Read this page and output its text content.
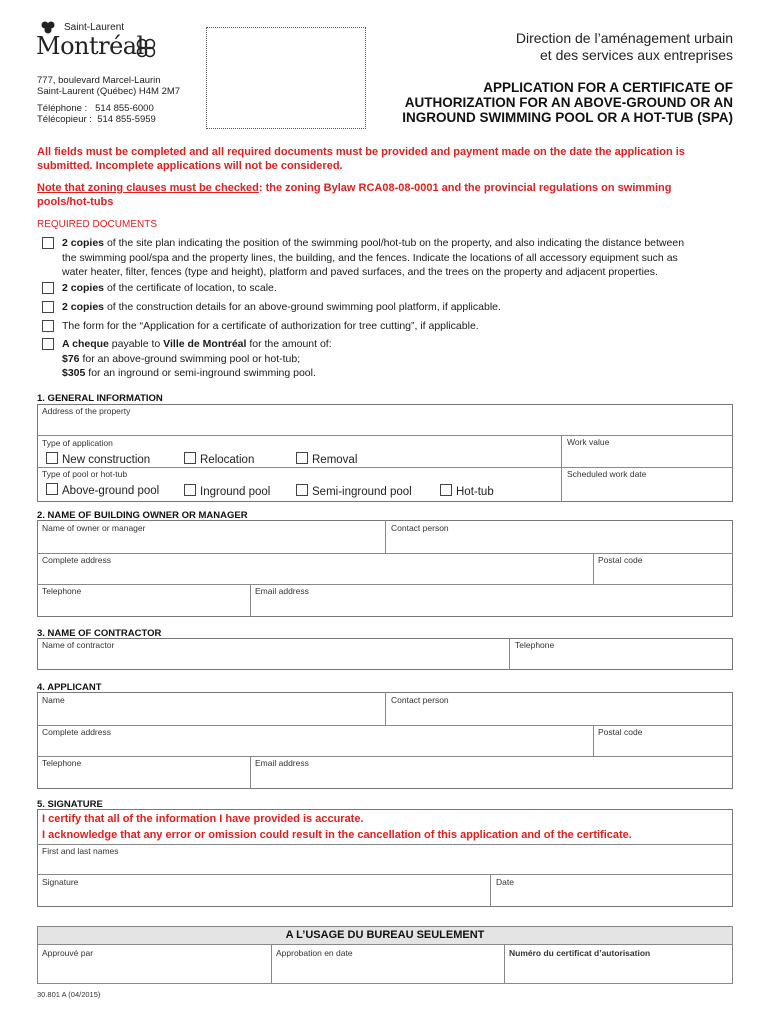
Saint-Laurent
Montréal
777, boulevard Marcel-Laurin
Saint-Laurent (Québec) H4M 2M7
Téléphone : 514 855-6000
Télécopieur : 514 855-5959
Direction de l’aménagement urbain
et des services aux entreprises
APPLICATION FOR A CERTIFICATE OF
AUTHORIZATION FOR AN ABOVE-GROUND OR AN
INGROUND SWIMMING POOL OR A HOT-TUB (SPA)
All fields must be completed and all required documents must be provided and payment made on the date the application is
submitted. Incomplete applications will not be considered.
Note that zoning clauses must be checked: the zoning Bylaw RCA08-08-0001 and the provincial regulations on swimming
pools/hot-tubs
REQUIRED DOCUMENTS
2 copies of the site plan indicating the position of the swimming pool/hot-tub on the property, and also indicating the distance between
the swimming pool/spa and the property lines, the building, and the fences. Indicate the locations of all accessory equipment such as
water heater, filter, fences (type and height), platform and paved surfaces, and the trees on the property and adjacent properties.
2 copies of the certificate of location, to scale.
2 copies of the construction details for an above-ground swimming pool platform, if applicable.
The form for the “Application for a certificate of authorization for tree cutting”, if applicable.
A cheque payable to Ville de Montréal for the amount of:
$76 for an above-ground swimming pool or hot-tub;
$305 for an inground or semi-inground swimming pool.
1. GENERAL INFORMATION
Address of the property
Type of application	Work value
New construction	Relocation	Removal
Type of pool or hot-tub	Scheduled work date
Above-ground pool	Inground pool	Semi-inground pool	Hot-tub
2. NAME OF BUILDING OWNER OR MANAGER
Name of owner or manager	Contact person
Complete address	Postal code
Telephone	Email address
3. NAME OF CONTRACTOR
Name of contractor	Telephone
4. APPLICANT
Name	Contact person
Complete address	Postal code
Telephone	Email address
5. SIGNATURE
I certify that all of the information I have provided is accurate.
I acknowledge that any error or omission could result in the cancellation of this application and of the certificate.
First and last names
Signature	Date
A L’USAGE DU BUREAU SEULEMENT
Approuvé par	Approbation en date	Numéro du certificat d’autorisation
30.801 A (04/2015)
